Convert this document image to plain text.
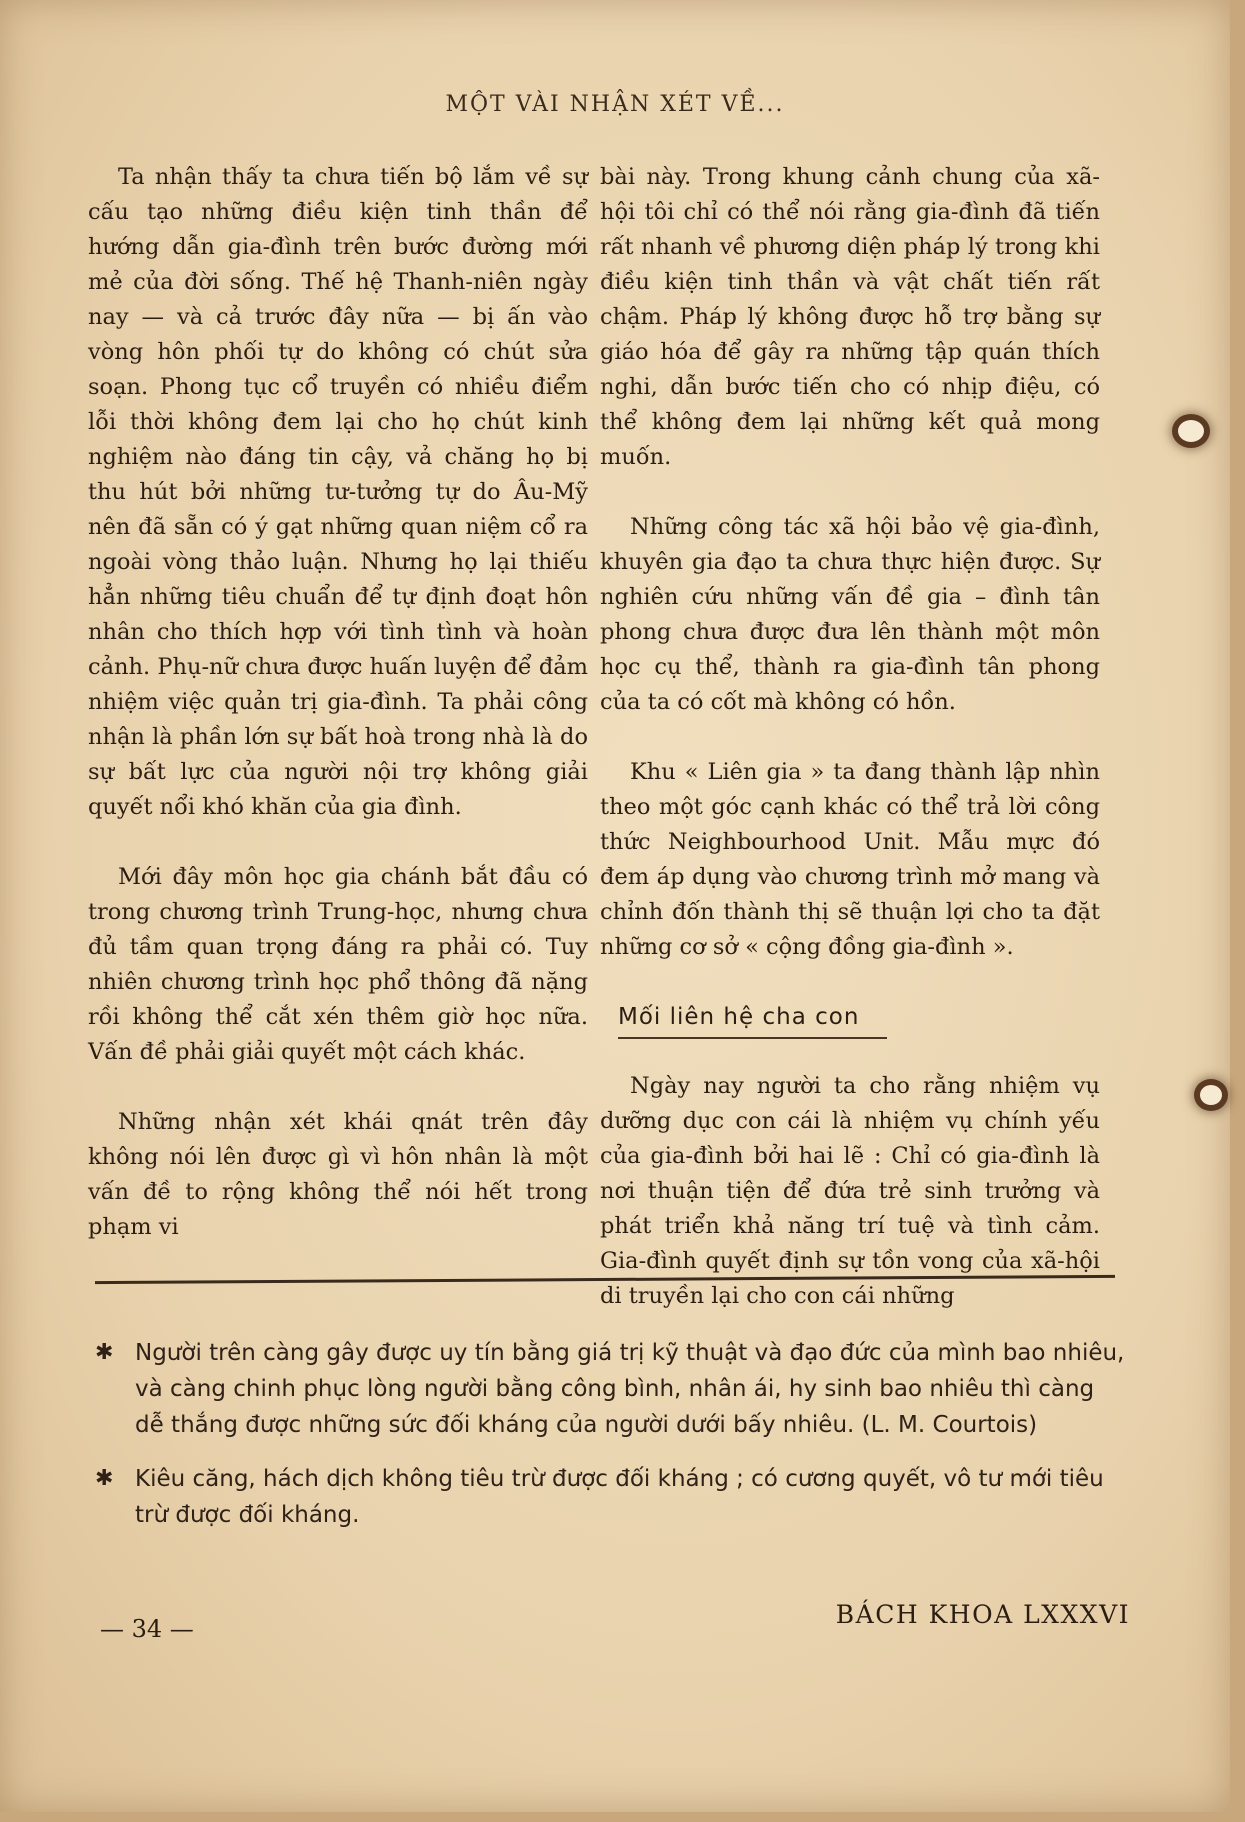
MỘT VÀI NHẬN XÉT VỀ...

Ta nhận thấy ta chưa tiến bộ lắm về sự cấu tạo những điều kiện tinh thần để hướng dẫn gia-đình trên bước đường mới mẻ của đời sống. Thế hệ Thanh-niên ngày nay — và cả trước đây nữa — bị ấn vào vòng hôn phối tự do không có chút sửa soạn. Phong tục cổ truyền có nhiều điểm lỗi thời không đem lại cho họ chút kinh nghiệm nào đáng tin cậy, vả chăng họ bị thu hút bởi những tư-tưởng tự do Âu-Mỹ nên đã sẵn có ý gạt những quan niệm cổ ra ngoài vòng thảo luận. Nhưng họ lại thiếu hẳn những tiêu chuẩn để tự định đoạt hôn nhân cho thích hợp với tình tình và hoàn cảnh. Phụ-nữ chưa được huấn luyện để đảm nhiệm việc quản trị gia-đình. Ta phải công nhận là phần lớn sự bất hoà trong nhà là do sự bất lực của người nội trợ không giải quyết nổi khó khăn của gia đình.

Mới đây môn học gia chánh bắt đầu có trong chương trình Trung-học, nhưng chưa đủ tầm quan trọng đáng ra phải có. Tuy nhiên chương trình học phổ thông đã nặng rồi không thể cắt xén thêm giờ học nữa. Vấn đề phải giải quyết một cách khác.

Những nhận xét khái qnát trên đây không nói lên được gì vì hôn nhân là một vấn đề to rộng không thể nói hết trong phạm vi

bài này. Trong khung cảnh chung của xã-hội tôi chỉ có thể nói rằng gia-đình đã tiến rất nhanh về phương diện pháp lý trong khi điều kiện tinh thần và vật chất tiến rất chậm. Pháp lý không được hỗ trợ bằng sự giáo hóa để gây ra những tập quán thích nghi, dẫn bước tiến cho có nhịp điệu, có thể không đem lại những kết quả mong muốn.

Những công tác xã hội bảo vệ gia-đình, khuyên gia đạo ta chưa thực hiện được. Sự nghiên cứu những vấn đề gia – đình tân phong chưa được đưa lên thành một môn học cụ thể, thành ra gia-đình tân phong của ta có cốt mà không có hồn.

Khu « Liên gia » ta đang thành lập nhìn theo một góc cạnh khác có thể trả lời công thức Neighbourhood Unit. Mẫu mực đó đem áp dụng vào chương trình mở mang và chỉnh đốn thành thị sẽ thuận lợi cho ta đặt những cơ sở « cộng đồng gia-đình ».

Mối liên hệ cha con

Ngày nay người ta cho rằng nhiệm vụ dưỡng dục con cái là nhiệm vụ chính yếu của gia-đình bởi hai lẽ : Chỉ có gia-đình là nơi thuận tiện để đứa trẻ sinh trưởng và phát triển khả năng trí tuệ và tình cảm. Gia-đình quyết định sự tồn vong của xã-hội di truyền lại cho con cái những

✱ Người trên càng gây được uy tín bằng giá trị kỹ thuật và đạo đức của mình bao nhiêu, và càng chinh phục lòng người bằng công bình, nhân ái, hy sinh bao nhiêu thì càng dễ thắng được những sức đối kháng của người dưới bấy nhiêu. (L. M. Courtois)
✱ Kiêu căng, hách dịch không tiêu trừ được đối kháng ; có cương quyết, vô tư mới tiêu trừ được đối kháng.
— 34 —	BÁCH KHOA LXXXVI
